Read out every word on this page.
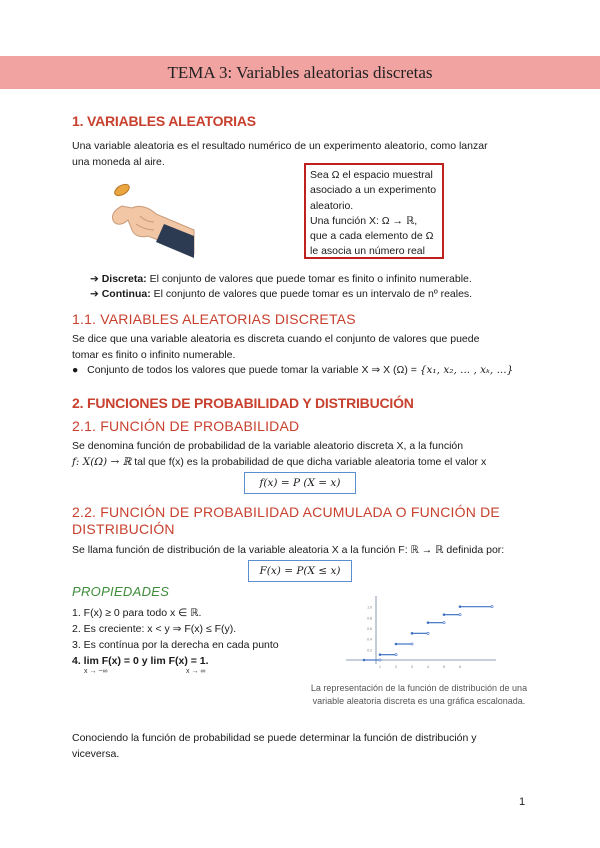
TEMA 3: Variables aleatorias discretas
1. VARIABLES ALEATORIAS
Una variable aleatoria es el resultado numérico de un experimento aleatorio, como lanzar
una moneda al aire.
Sea Ω el espacio muestral
asociado a un experimento
aleatorio.
Una función X: Ω → ℝ,
que a cada elemento de Ω
le asocia un número real
➔ Discreta: El conjunto de valores que puede tomar es finito o infinito numerable.
➔ Continua: El conjunto de valores que puede tomar es un intervalo de nº reales.
1.1. VARIABLES ALEATORIAS DISCRETAS
Se dice que una variable aleatoria es discreta cuando el conjunto de valores que puede
tomar es finito o infinito numerable.
● Conjunto de todos los valores que puede tomar la variable X ⇒ X (Ω) = {x₁, x₂, ... , xₖ, ...}
2. FUNCIONES DE PROBABILIDAD Y DISTRIBUCIÓN
2.1. FUNCIÓN DE PROBABILIDAD
Se denomina función de probabilidad de la variable aleatorio discreta X, a la función
f: X(Ω) → ℝ tal que f(x) es la probabilidad de que dicha variable aleatoria tome el valor x
f(x) = P (X = x)
2.2. FUNCIÓN DE PROBABILIDAD ACUMULADA O FUNCIÓN DE
DISTRIBUCIÓN
Se llama función de distribución de la variable aleatoria X a la función F: ℝ → ℝ definida por:
F(x) = P(X ≤ x)
PROPIEDADES
1. F(x) ≥ 0 para todo x ∈ ℝ.
2. Es creciente: x < y ⇒ F(x) ≤ F(y).
3. Es contínua por la derecha en cada punto
4. lim F(x) = 0 y lim F(x) = 1.
x → −∞	x → ∞
0.2
0.4
0.6
0.8
1.0
1	2	3	4	5	6
La representación de la función de distribución de una variable aleatoria discreta es una gráfica escalonada.
Conociendo la función de probabilidad se puede determinar la función de distribución y
viceversa.
1
